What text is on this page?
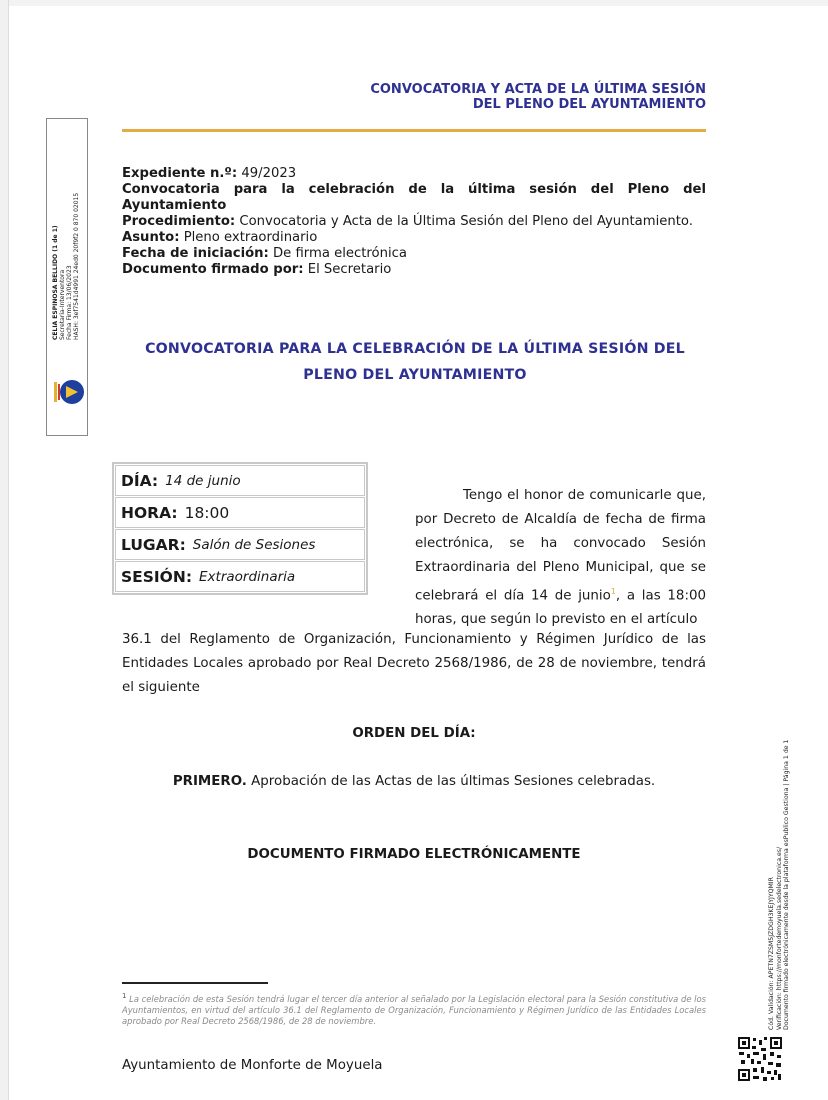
CONVOCATORIA Y ACTA DE LA ÚLTIMA SESIÓN
DEL PLENO DEL AYUNTAMIENTO
CELIA ESPINOSA BELLIDO (1 de 1) Secretaria-Interventora Fecha Firma: 13/06/2023 HASH: 3ef7541d4991 24ed0 20f9f2 0 870 02015
Expediente n.º: 49/2023
Convocatoria para la celebración de la última sesión del Pleno del Ayuntamiento
Procedimiento: Convocatoria y Acta de la Última Sesión del Pleno del Ayuntamiento.
Asunto: Pleno extraordinario
Fecha de iniciación: De firma electrónica
Documento firmado por: El Secretario
CONVOCATORIA PARA LA CELEBRACIÓN DE LA ÚLTIMA SESIÓN DEL
PLENO DEL AYUNTAMIENTO
DÍA: 14 de junio
HORA: 18:00
LUGAR: Salón de Sesiones
SESIÓN: Extraordinaria
Tengo el honor de comunicarle que, por Decreto de Alcaldía de fecha de firma electrónica, se ha convocado Sesión Extraordinaria del Pleno Municipal, que se celebrará el día 14 de junio$^1$, a las 18:00 horas, que según lo previsto en el artículo
36.1 del Reglamento de Organización, Funcionamiento y Régimen Jurídico de las Entidades Locales aprobado por Real Decreto 2568/1986, de 28 de noviembre, tendrá el siguiente
ORDEN DEL DÍA:
PRIMERO. Aprobación de las Actas de las últimas Sesiones celebradas.
DOCUMENTO FIRMADO ELECTRÓNICAMENTE
$^1$ La celebración de esta Sesión tendrá lugar el tercer día anterior al señalado por la Legislación electoral para la Sesión constitutiva de los Ayuntamientos, en virtud del artículo 36.1 del Reglamento de Organización, Funcionamiento y Régimen Jurídico de las Entidades Locales aprobado por Real Decreto 2568/1986, de 28 de noviembre.
Ayuntamiento de Monforte de Moyuela
Cód. Validación: APETN7ZSM5JZDGH3KEJYJYQMIR Verificación: https://monfortedemoyuela.sedelectronica.es/ Documento firmado electrónicamente desde la plataforma esPublico Gestiona | Página 1 de 1
